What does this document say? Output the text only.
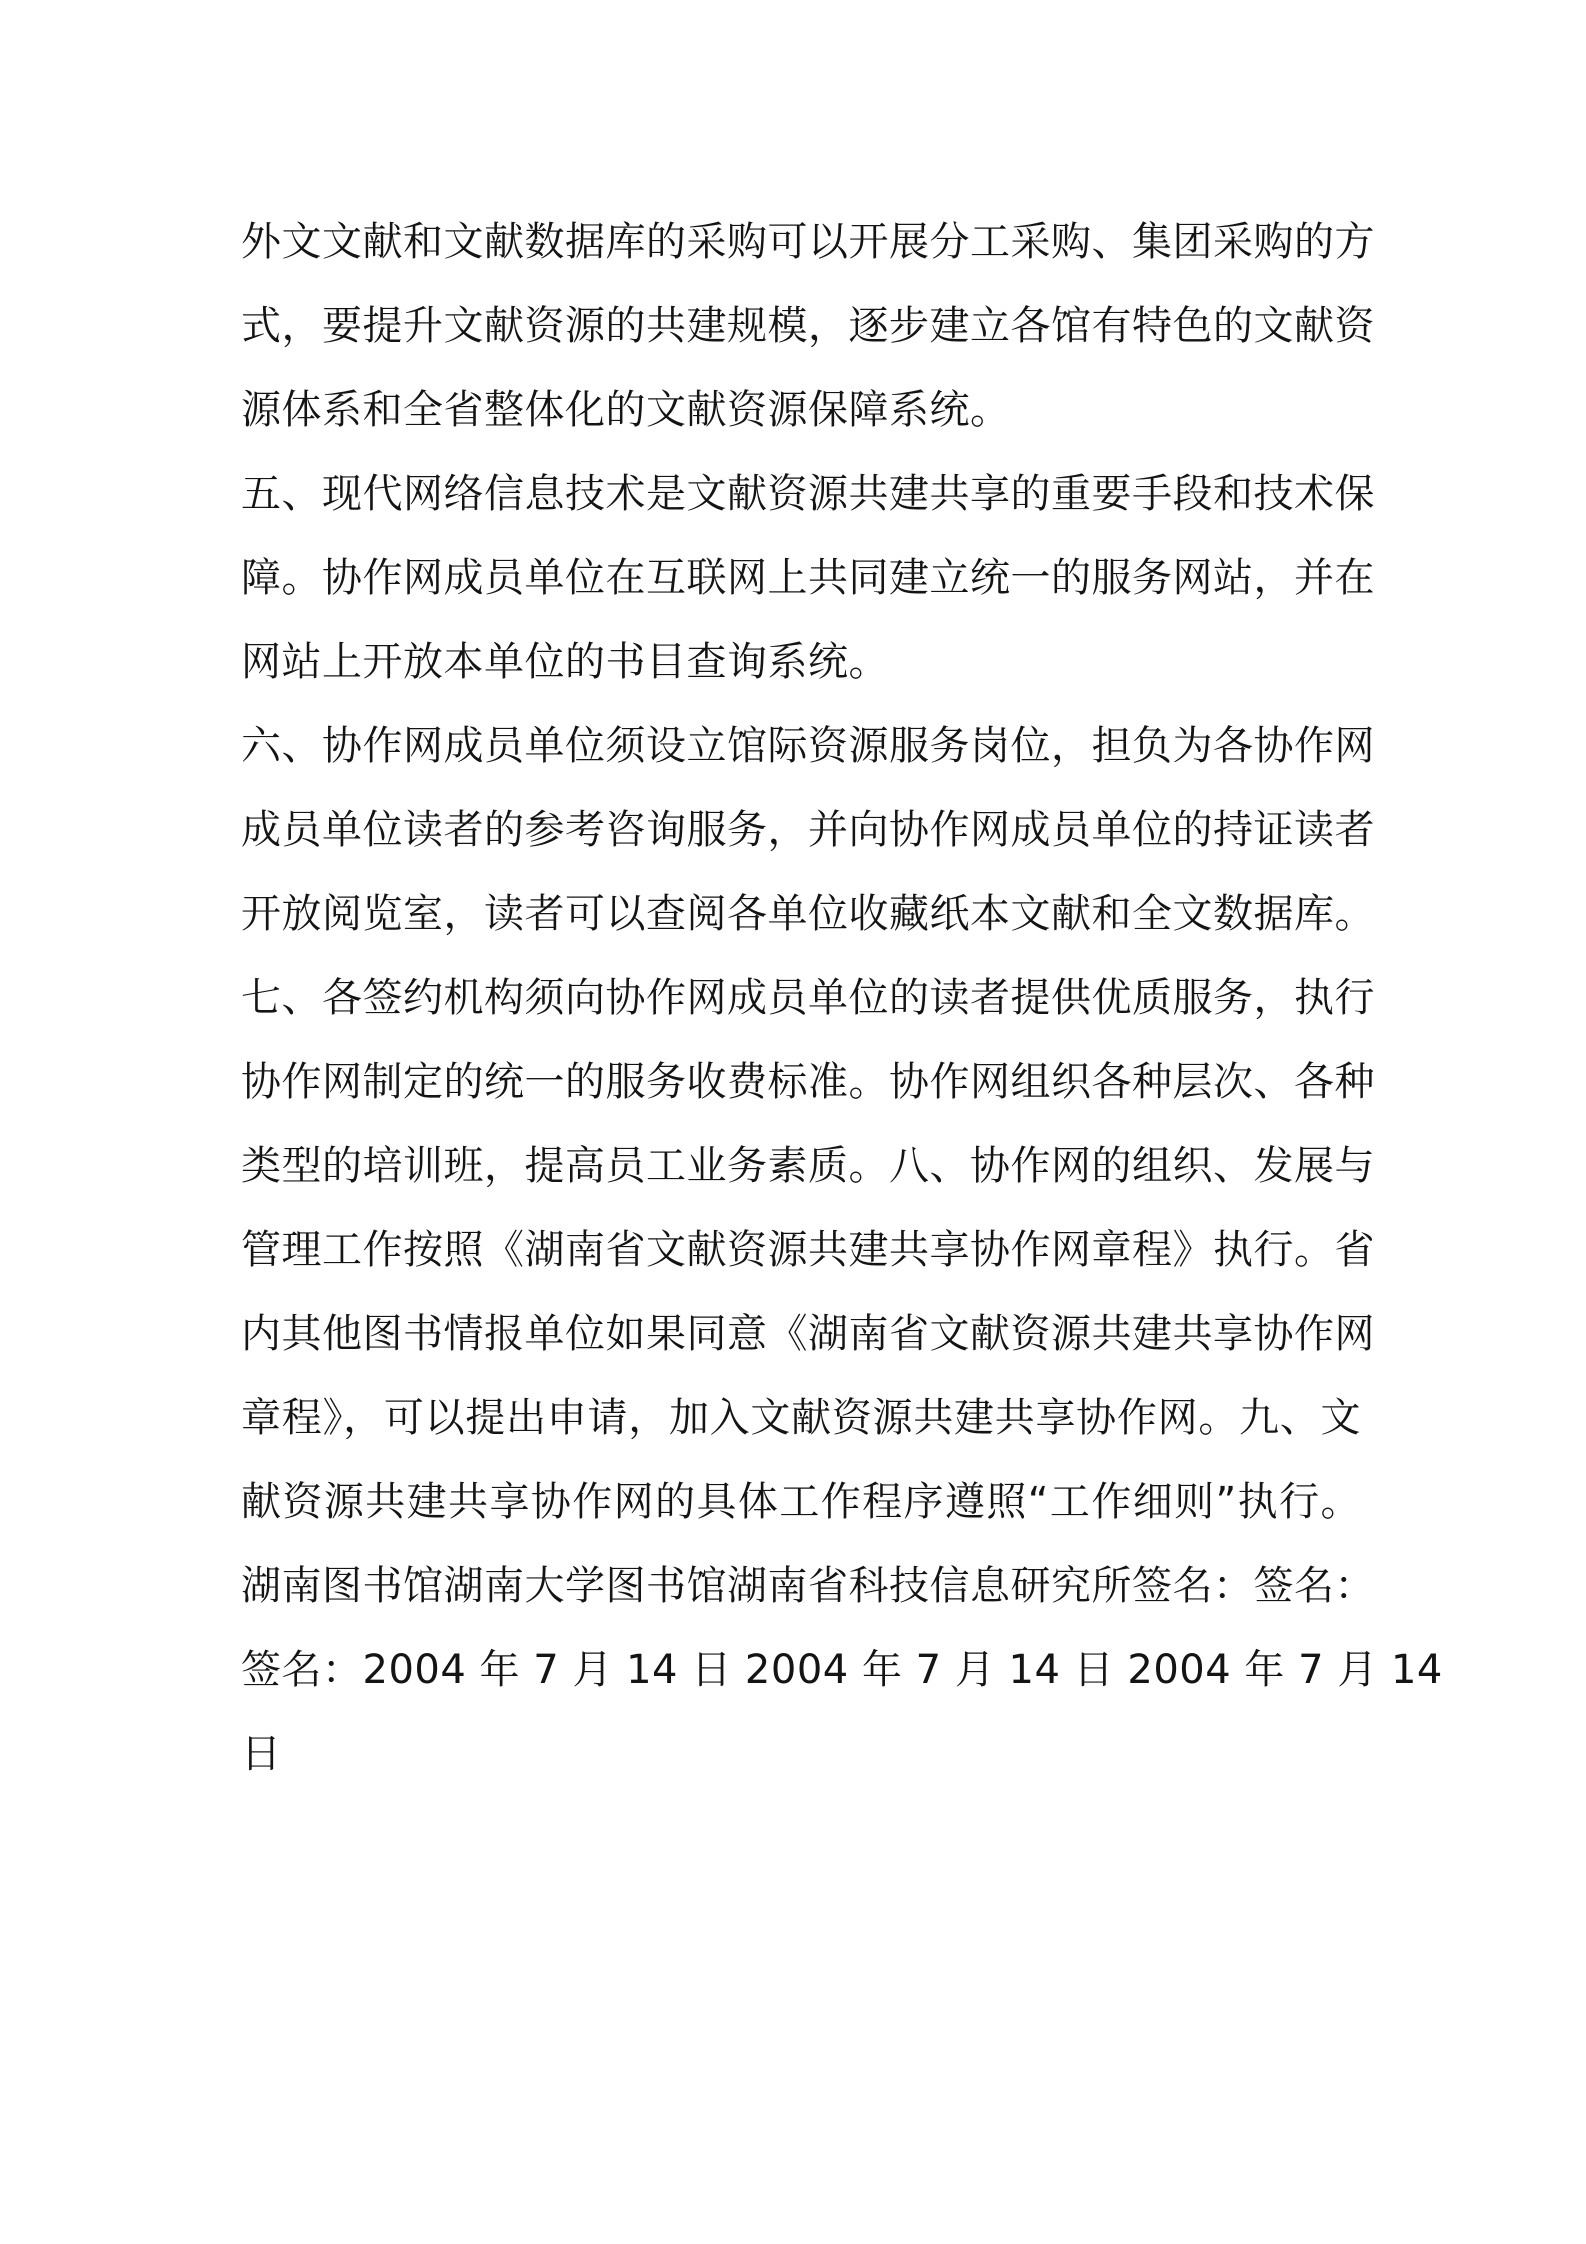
外文文献和文献数据库的采购可以开展分工采购、集团采购的方
式，要提升文献资源的共建规模，逐步建立各馆有特色的文献资
源体系和全省整体化的文献资源保障系统。
五、现代网络信息技术是文献资源共建共享的重要手段和技术保
障。协作网成员单位在互联网上共同建立统一的服务网站，并在
网站上开放本单位的书目查询系统。
六、协作网成员单位须设立馆际资源服务岗位，担负为各协作网
成员单位读者的参考咨询服务，并向协作网成员单位的持证读者
开放阅览室，读者可以查阅各单位收藏纸本文献和全文数据库。
七、各签约机构须向协作网成员单位的读者提供优质服务，执行
协作网制定的统一的服务收费标准。协作网组织各种层次、各种
类型的培训班，提高员工业务素质。八、协作网的组织、发展与
管理工作按照《湖南省文献资源共建共享协作网章程》执行。省
内其他图书情报单位如果同意《湖南省文献资源共建共享协作网
章程》，可以提出申请，加入文献资源共建共享协作网。九、文
献资源共建共享协作网的具体工作程序遵照“工作细则”执行。
湖南图书馆湖南大学图书馆湖南省科技信息研究所签名：签名：
签名：2004 年 7 月 14 日 2004 年 7 月 14 日 2004 年 7 月 14
日
